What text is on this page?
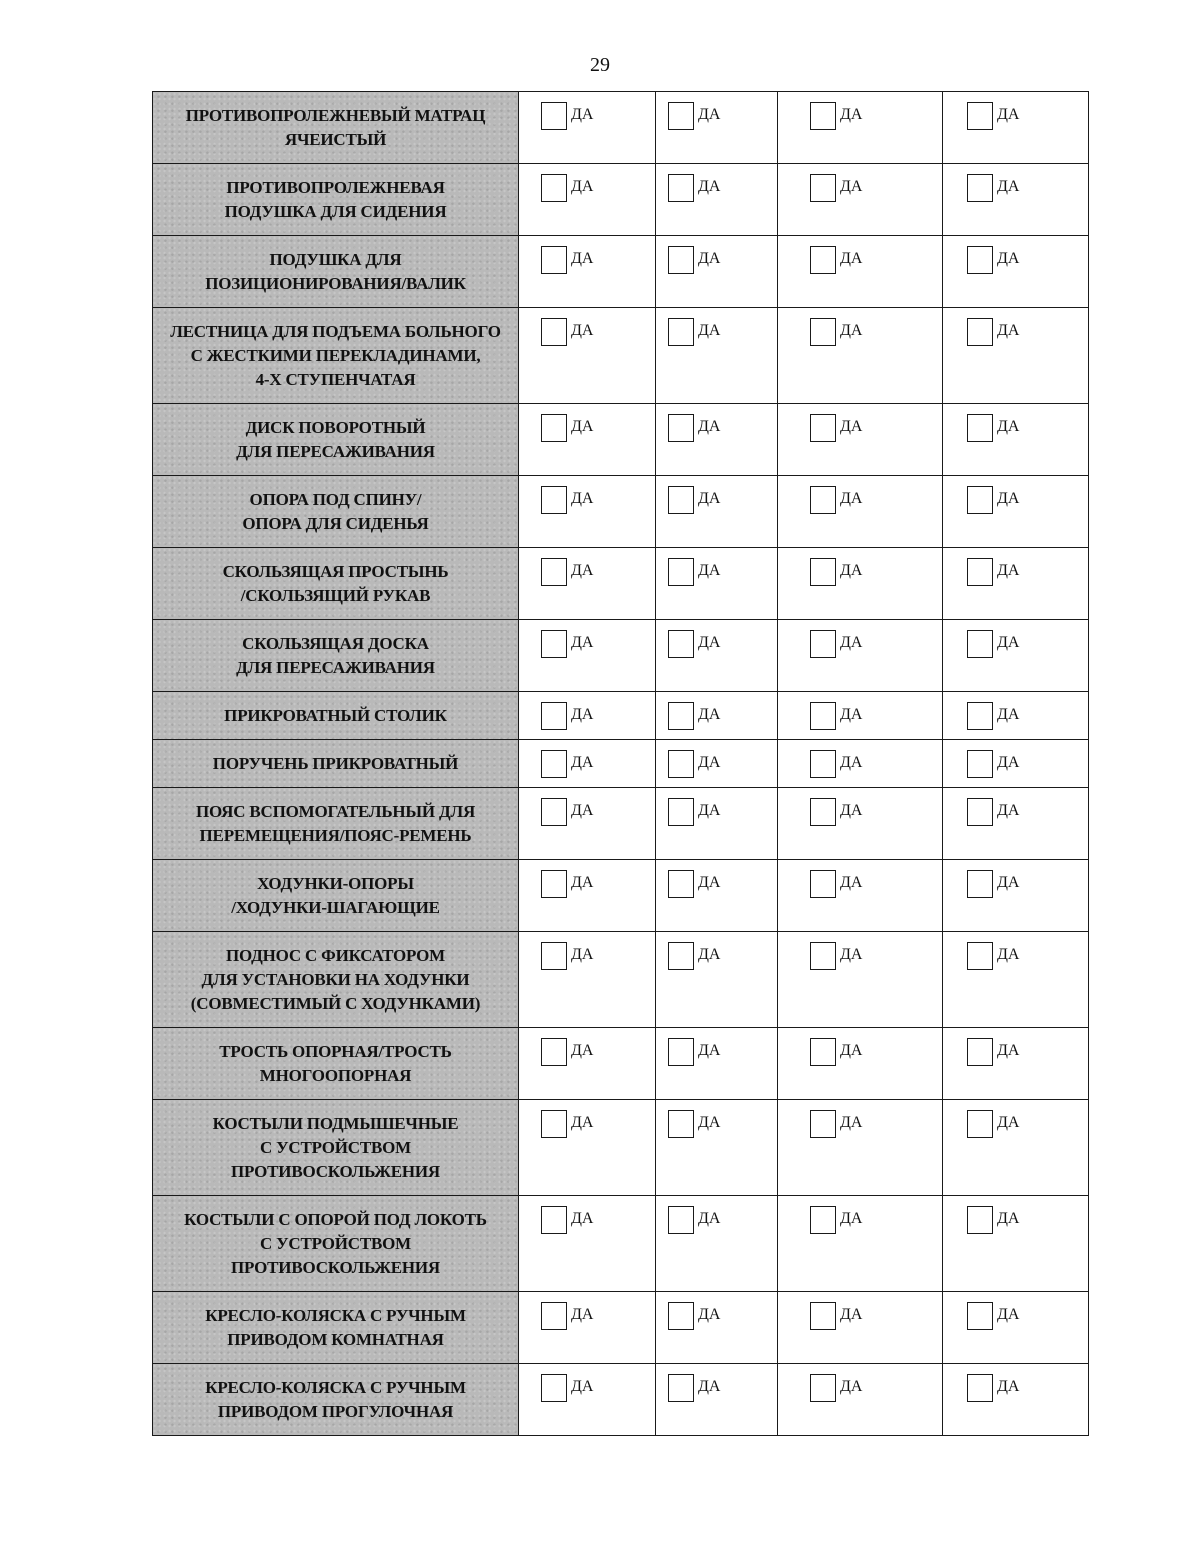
29
ПРОТИВОПРОЛЕЖНЕВЫЙ МАТРАЦ
ЯЧЕИСТЫЙ	ДА	ДА	ДА	ДА

ПРОТИВОПРОЛЕЖНЕВАЯ
ПОДУШКА ДЛЯ СИДЕНИЯ	ДА	ДА	ДА	ДА

ПОДУШКА ДЛЯ
ПОЗИЦИОНИРОВАНИЯ/ВАЛИК	ДА	ДА	ДА	ДА

ЛЕСТНИЦА ДЛЯ ПОДЪЕМА БОЛЬНОГО
С ЖЕСТКИМИ ПЕРЕКЛАДИНАМИ,
4-Х СТУПЕНЧАТАЯ	ДА	ДА	ДА	ДА

ДИСК ПОВОРОТНЫЙ
ДЛЯ ПЕРЕСАЖИВАНИЯ	ДА	ДА	ДА	ДА

ОПОРА ПОД СПИНУ/
ОПОРА ДЛЯ СИДЕНЬЯ	ДА	ДА	ДА	ДА

СКОЛЬЗЯЩАЯ ПРОСТЫНЬ
/СКОЛЬЗЯЩИЙ РУКАВ	ДА	ДА	ДА	ДА

СКОЛЬЗЯЩАЯ ДОСКА
ДЛЯ ПЕРЕСАЖИВАНИЯ	ДА	ДА	ДА	ДА

ПРИКРОВАТНЫЙ СТОЛИК	ДА	ДА	ДА	ДА

ПОРУЧЕНЬ ПРИКРОВАТНЫЙ	ДА	ДА	ДА	ДА

ПОЯС ВСПОМОГАТЕЛЬНЫЙ ДЛЯ
ПЕРЕМЕЩЕНИЯ/ПОЯС-РЕМЕНЬ	ДА	ДА	ДА	ДА

ХОДУНКИ-ОПОРЫ
/ХОДУНКИ-ШАГАЮЩИЕ	ДА	ДА	ДА	ДА

ПОДНОС С ФИКСАТОРОМ
ДЛЯ УСТАНОВКИ НА ХОДУНКИ
(СОВМЕСТИМЫЙ С ХОДУНКАМИ)	ДА	ДА	ДА	ДА

ТРОСТЬ ОПОРНАЯ/ТРОСТЬ
МНОГООПОРНАЯ	ДА	ДА	ДА	ДА

КОСТЫЛИ ПОДМЫШЕЧНЫЕ
С УСТРОЙСТВОМ
ПРОТИВОСКОЛЬЖЕНИЯ	ДА	ДА	ДА	ДА

КОСТЫЛИ С ОПОРОЙ ПОД ЛОКОТЬ
С УСТРОЙСТВОМ
ПРОТИВОСКОЛЬЖЕНИЯ	ДА	ДА	ДА	ДА

КРЕСЛО-КОЛЯСКА С РУЧНЫМ
ПРИВОДОМ КОМНАТНАЯ	ДА	ДА	ДА	ДА

КРЕСЛО-КОЛЯСКА С РУЧНЫМ
ПРИВОДОМ ПРОГУЛОЧНАЯ	ДА	ДА	ДА	ДА
